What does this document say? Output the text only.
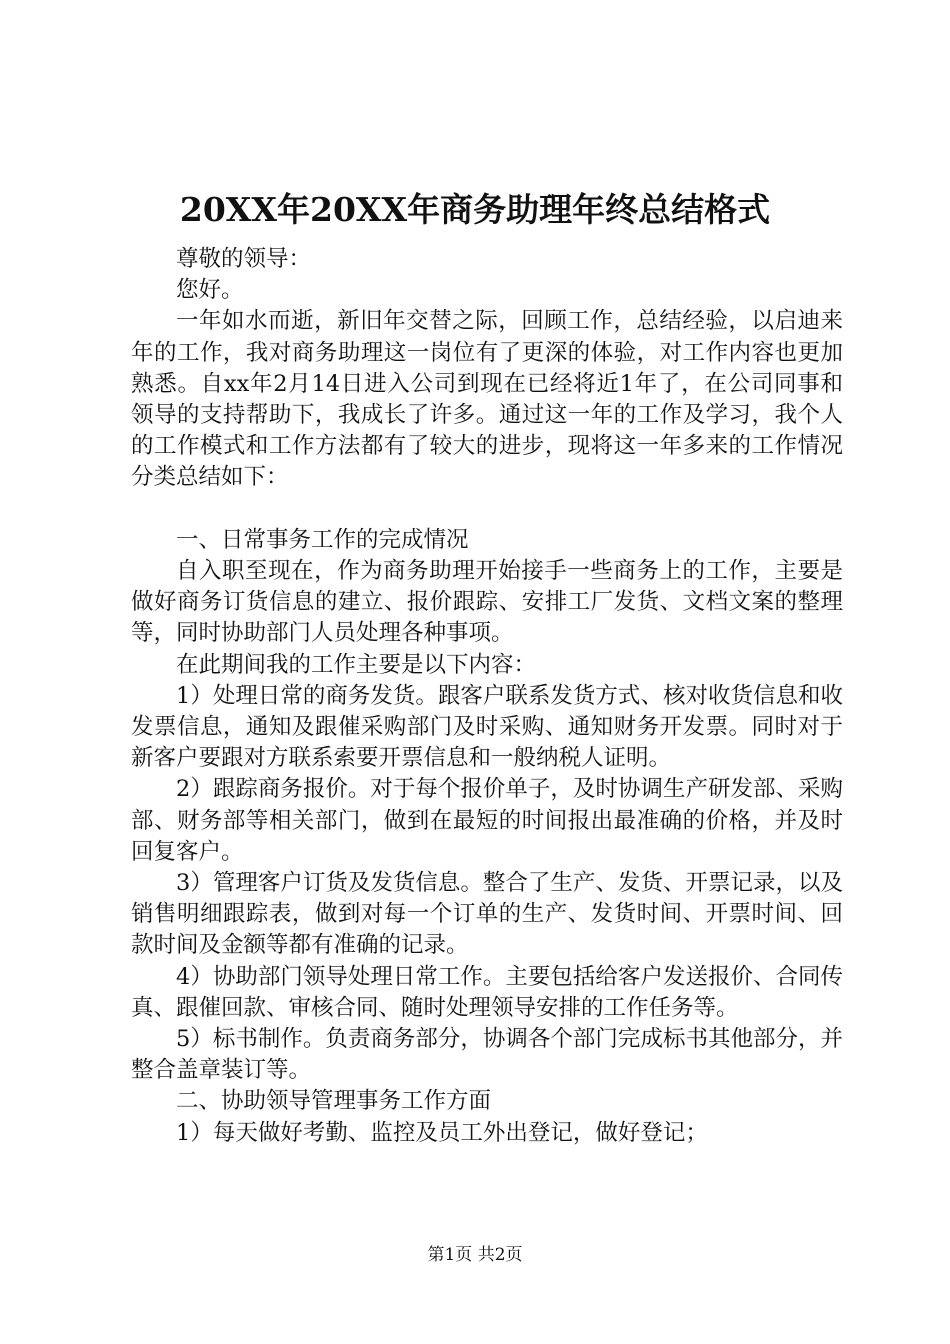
20XX年20XX年商务助理年终总结格式

尊敬的领导：

您好。

一年如水而逝，新旧年交替之际，回顾工作，总结经验，以启迪来年的工作，我对商务助理这一岗位有了更深的体验，对工作内容也更加熟悉。自xx年2月14日进入公司到现在已经将近1年了，在公司同事和领导的支持帮助下，我成长了许多。通过这一年的工作及学习，我个人的工作模式和工作方法都有了较大的进步，现将这一年多来的工作情况分类总结如下：

一、日常事务工作的完成情况

自入职至现在，作为商务助理开始接手一些商务上的工作，主要是做好商务订货信息的建立、报价跟踪、安排工厂发货、文档文案的整理等，同时协助部门人员处理各种事项。

在此期间我的工作主要是以下内容：

1）处理日常的商务发货。跟客户联系发货方式、核对收货信息和收发票信息，通知及跟催采购部门及时采购、通知财务开发票。同时对于新客户要跟对方联系索要开票信息和一般纳税人证明。

2）跟踪商务报价。对于每个报价单子，及时协调生产研发部、采购部、财务部等相关部门，做到在最短的时间报出最准确的价格，并及时回复客户。

3）管理客户订货及发货信息。整合了生产、发货、开票记录，以及销售明细跟踪表，做到对每一个订单的生产、发货时间、开票时间、回款时间及金额等都有准确的记录。

4）协助部门领导处理日常工作。主要包括给客户发送报价、合同传真、跟催回款、审核合同、随时处理领导安排的工作任务等。

5）标书制作。负责商务部分，协调各个部门完成标书其他部分，并整合盖章装订等。

二、协助领导管理事务工作方面

1）每天做好考勤、监控及员工外出登记，做好登记；

第1页 共2页
